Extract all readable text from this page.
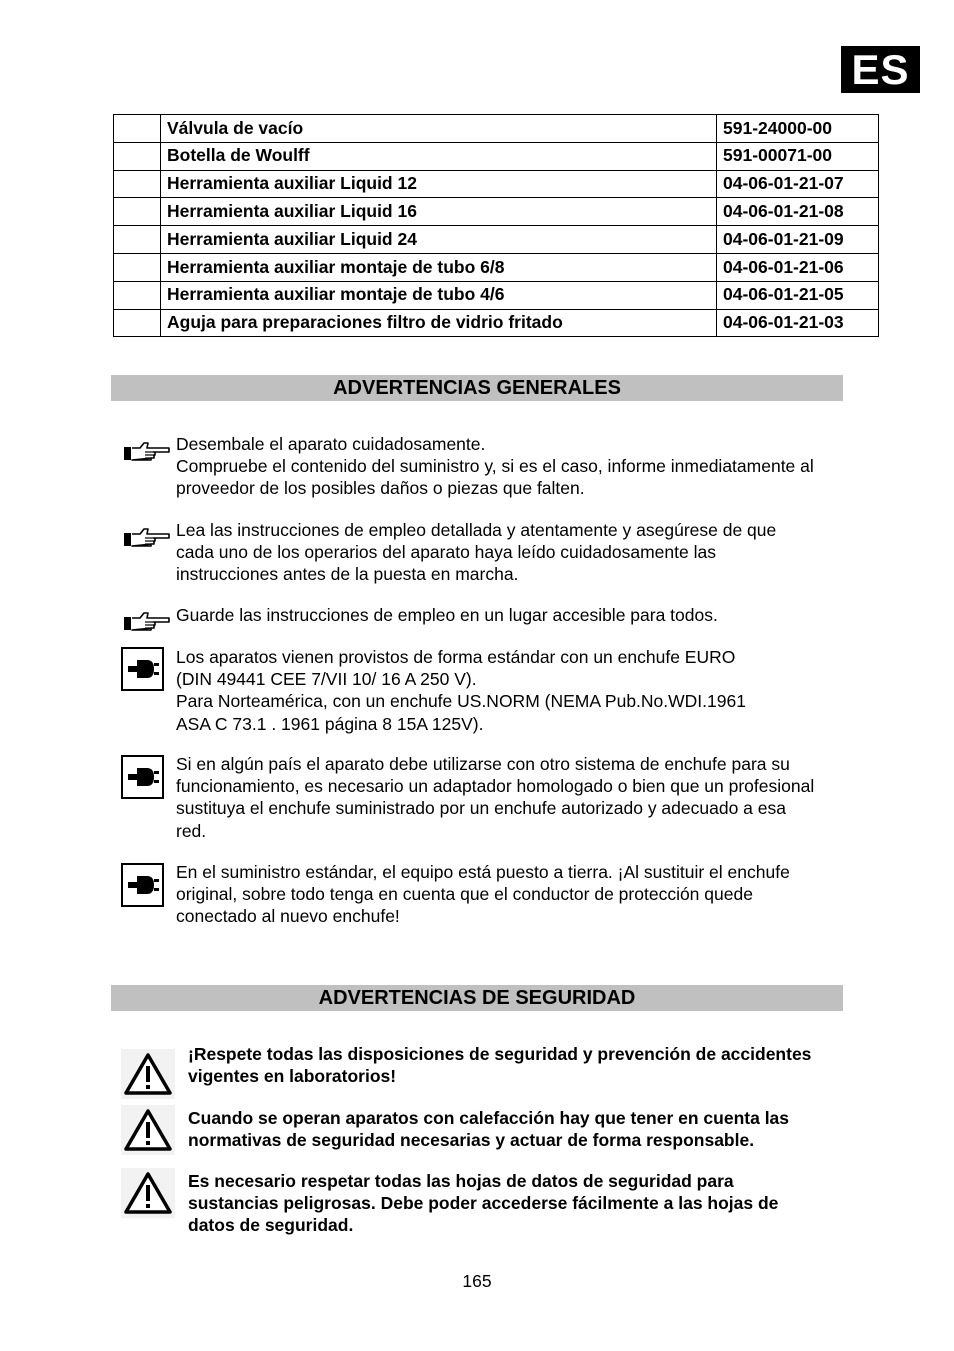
ES
	Válvula de vacío	591-24000-00
	Botella de Woulff	591-00071-00
	Herramienta auxiliar Liquid 12	04-06-01-21-07
	Herramienta auxiliar Liquid 16	04-06-01-21-08
	Herramienta auxiliar Liquid 24	04-06-01-21-09
	Herramienta auxiliar montaje de tubo 6/8	04-06-01-21-06
	Herramienta auxiliar montaje de tubo 4/6	04-06-01-21-05
	Aguja para preparaciones filtro de vidrio fritado	04-06-01-21-03
ADVERTENCIAS GENERALES

Desembale el aparato cuidadosamente.

Compruebe el contenido del suministro y, si es el caso, informe inmediatamente al

proveedor de los posibles daños o piezas que falten.

Lea las instrucciones de empleo detallada y atentamente y asegúrese de que

cada uno de los operarios del aparato haya leído cuidadosamente las

instrucciones antes de la puesta en marcha.

Guarde las instrucciones de empleo en un lugar accesible para todos.

Los aparatos vienen provistos de forma estándar con un enchufe EURO

(DIN 49441 CEE 7/VII 10/ 16 A 250 V).

Para Norteamérica, con un enchufe US.NORM (NEMA Pub.No.WDI.1961

ASA C 73.1 . 1961 página 8 15A 125V).

Si en algún país el aparato debe utilizarse con otro sistema de enchufe para su

funcionamiento, es necesario un adaptador homologado o bien que un profesional

sustituya el enchufe suministrado por un enchufe autorizado y adecuado a esa

red.

En el suministro estándar, el equipo está puesto a tierra. ¡Al sustituir el enchufe

original, sobre todo tenga en cuenta que el conductor de protección quede

conectado al nuevo enchufe!

ADVERTENCIAS DE SEGURIDAD

¡Respete todas las disposiciones de seguridad y prevención de accidentes

vigentes en laboratorios!

Cuando se operan aparatos con calefacción hay que tener en cuenta las

normativas de seguridad necesarias y actuar de forma responsable.

Es necesario respetar todas las hojas de datos de seguridad para

sustancias peligrosas. Debe poder accederse fácilmente a las hojas de

datos de seguridad.

165
